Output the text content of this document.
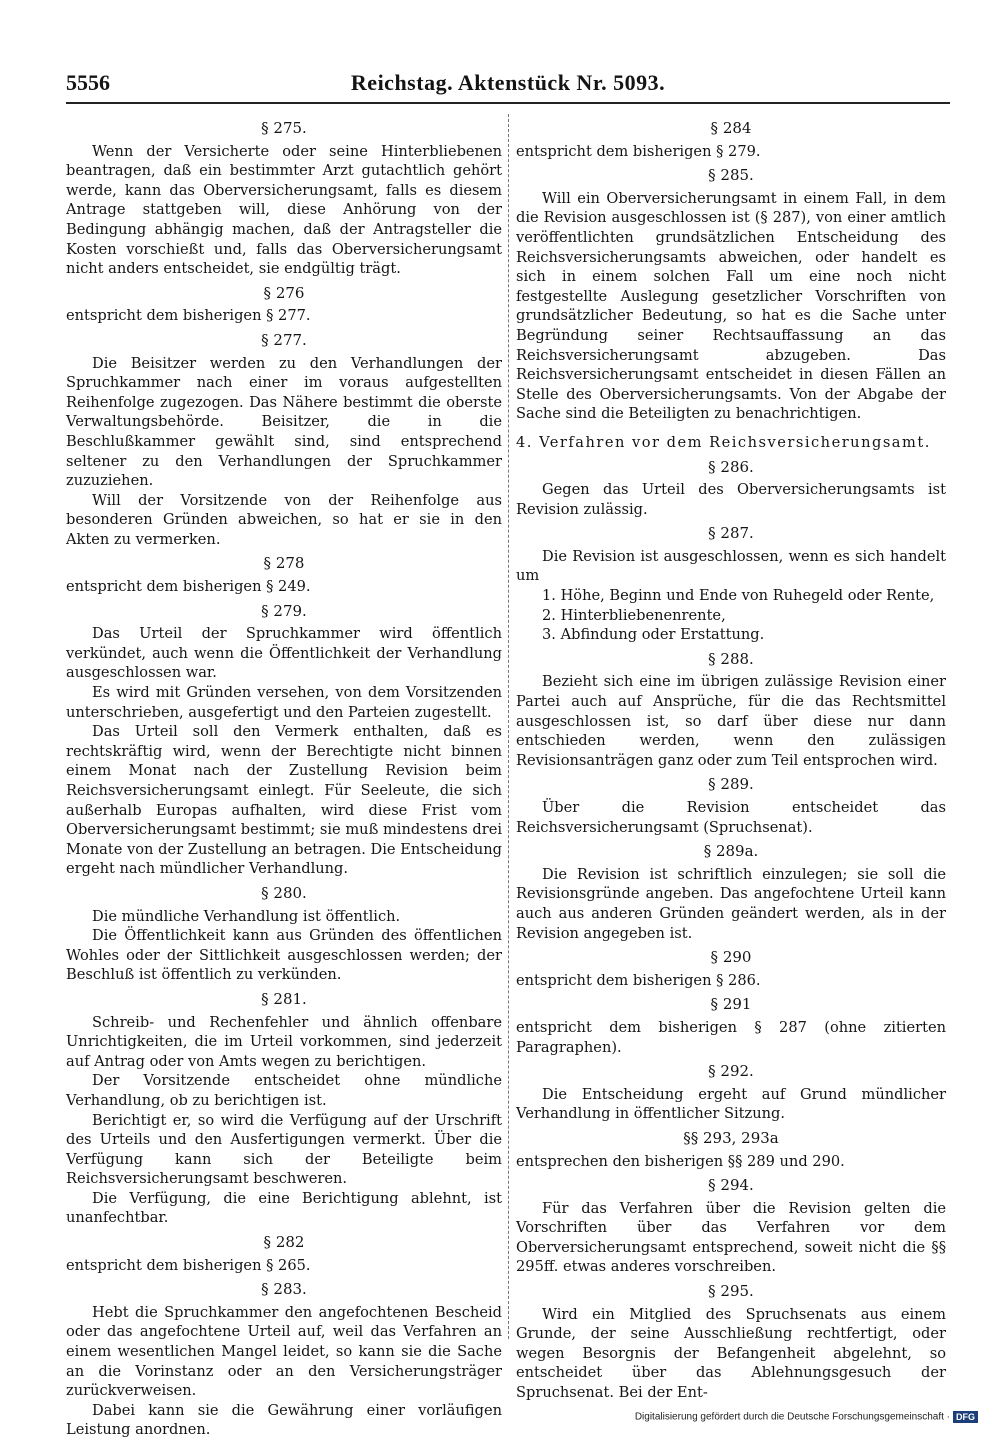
5556	Reichstag. Aktenstück Nr. 5093.
§ 275.
Wenn der Versicherte oder seine Hinterbliebenen beantragen, daß ein bestimmter Arzt gutachtlich gehört werde, kann das Oberversicherungsamt, falls es diesem Antrage stattgeben will, diese Anhörung von der Bedingung abhängig machen, daß der Antragsteller die Kosten vorschießt und, falls das Oberversicherungsamt nicht anders entscheidet, sie endgültig trägt.
§ 276
entspricht dem bisherigen § 277.
§ 277.
Die Beisitzer werden zu den Verhandlungen der Spruchkammer nach einer im voraus aufgestellten Reihenfolge zugezogen. Das Nähere bestimmt die oberste Verwaltungsbehörde. Beisitzer, die in die Beschlußkammer gewählt sind, sind entsprechend seltener zu den Verhandlungen der Spruchkammer zuzuziehen.
Will der Vorsitzende von der Reihenfolge aus besonderen Gründen abweichen, so hat er sie in den Akten zu vermerken.
§ 278
entspricht dem bisherigen § 249.
§ 279.
Das Urteil der Spruchkammer wird öffentlich verkündet, auch wenn die Öffentlichkeit der Verhandlung ausgeschlossen war.
Es wird mit Gründen versehen, von dem Vorsitzenden unterschrieben, ausgefertigt und den Parteien zugestellt.
Das Urteil soll den Vermerk enthalten, daß es rechtskräftig wird, wenn der Berechtigte nicht binnen einem Monat nach der Zustellung Revision beim Reichsversicherungsamt einlegt. Für Seeleute, die sich außerhalb Europas aufhalten, wird diese Frist vom Oberversicherungsamt bestimmt; sie muß mindestens drei Monate von der Zustellung an betragen. Die Entscheidung ergeht nach mündlicher Verhandlung.
§ 280.
Die mündliche Verhandlung ist öffentlich.
Die Öffentlichkeit kann aus Gründen des öffentlichen Wohles oder der Sittlichkeit ausgeschlossen werden; der Beschluß ist öffentlich zu verkünden.
§ 281.
Schreib- und Rechenfehler und ähnlich offenbare Unrichtigkeiten, die im Urteil vorkommen, sind jederzeit auf Antrag oder von Amts wegen zu berichtigen.
Der Vorsitzende entscheidet ohne mündliche Verhandlung, ob zu berichtigen ist.
Berichtigt er, so wird die Verfügung auf der Urschrift des Urteils und den Ausfertigungen vermerkt. Über die Verfügung kann sich der Beteiligte beim Reichsversicherungsamt beschweren.
Die Verfügung, die eine Berichtigung ablehnt, ist unanfechtbar.
§ 282
entspricht dem bisherigen § 265.
§ 283.
Hebt die Spruchkammer den angefochtenen Bescheid oder das angefochtene Urteil auf, weil das Verfahren an einem wesentlichen Mangel leidet, so kann sie die Sache an die Vorinstanz oder an den Versicherungsträger zurückverweisen.
Dabei kann sie die Gewährung einer vorläufigen Leistung anordnen.
§ 284
entspricht dem bisherigen § 279.
§ 285.
Will ein Oberversicherungsamt in einem Fall, in dem die Revision ausgeschlossen ist (§ 287), von einer amtlich veröffentlichten grundsätzlichen Entscheidung des Reichsversicherungsamts abweichen, oder handelt es sich in einem solchen Fall um eine noch nicht festgestellte Auslegung gesetzlicher Vorschriften von grundsätzlicher Bedeutung, so hat es die Sache unter Begründung seiner Rechtsauffassung an das Reichsversicherungsamt abzugeben. Das Reichsversicherungsamt entscheidet in diesen Fällen an Stelle des Oberversicherungsamts. Von der Abgabe der Sache sind die Beteiligten zu benachrichtigen.
4. Verfahren vor dem Reichsversicherungsamt.
§ 286.
Gegen das Urteil des Oberversicherungsamts ist Revision zulässig.
§ 287.
Die Revision ist ausgeschlossen, wenn es sich handelt um
1. Höhe, Beginn und Ende von Ruhegeld oder Rente,
2. Hinterbliebenenrente,
3. Abfindung oder Erstattung.
§ 288.
Bezieht sich eine im übrigen zulässige Revision einer Partei auch auf Ansprüche, für die das Rechtsmittel ausgeschlossen ist, so darf über diese nur dann entschieden werden, wenn den zulässigen Revisionsanträgen ganz oder zum Teil entsprochen wird.
§ 289.
Über die Revision entscheidet das Reichsversicherungsamt (Spruchsenat).
§ 289a.
Die Revision ist schriftlich einzulegen; sie soll die Revisionsgründe angeben. Das angefochtene Urteil kann auch aus anderen Gründen geändert werden, als in der Revision angegeben ist.
§ 290
entspricht dem bisherigen § 286.
§ 291
entspricht dem bisherigen § 287 (ohne zitierten Paragraphen).
§ 292.
Die Entscheidung ergeht auf Grund mündlicher Verhandlung in öffentlicher Sitzung.
§§ 293, 293a
entsprechen den bisherigen §§ 289 und 290.
§ 294.
Für das Verfahren über die Revision gelten die Vorschriften über das Verfahren vor dem Oberversicherungsamt entsprechend, soweit nicht die §§ 295ff. etwas anderes vorschreiben.
§ 295.
Wird ein Mitglied des Spruchsenats aus einem Grunde, der seine Ausschließung rechtfertigt, oder wegen Besorgnis der Befangenheit abgelehnt, so entscheidet über das Ablehnungsgesuch der Spruchsenat. Bei der Ent-
Digitalisierung gefördert durch die Deutsche Forschungsgemeinschaft · DFG
